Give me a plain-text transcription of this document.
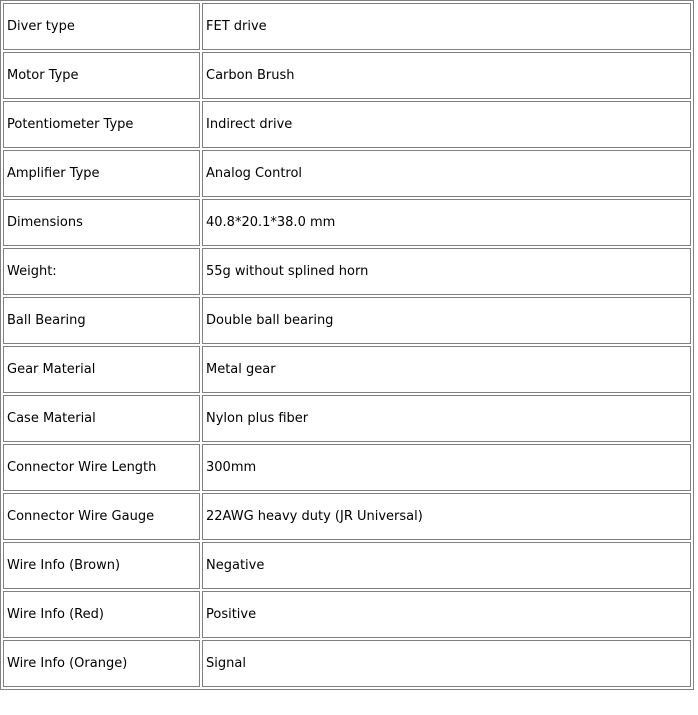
Diver type	FET drive
Motor Type	Carbon Brush
Potentiometer Type	Indirect drive
Amplifier Type	Analog Control
Dimensions	40.8*20.1*38.0 mm
Weight:	55g without splined horn
Ball Bearing	Double ball bearing
Gear Material	Metal gear
Case Material	Nylon plus fiber
Connector Wire Length	300mm
Connector Wire Gauge	22AWG heavy duty (JR Universal)
Wire Info (Brown)	Negative
Wire Info (Red)	Positive
Wire Info (Orange)	Signal
